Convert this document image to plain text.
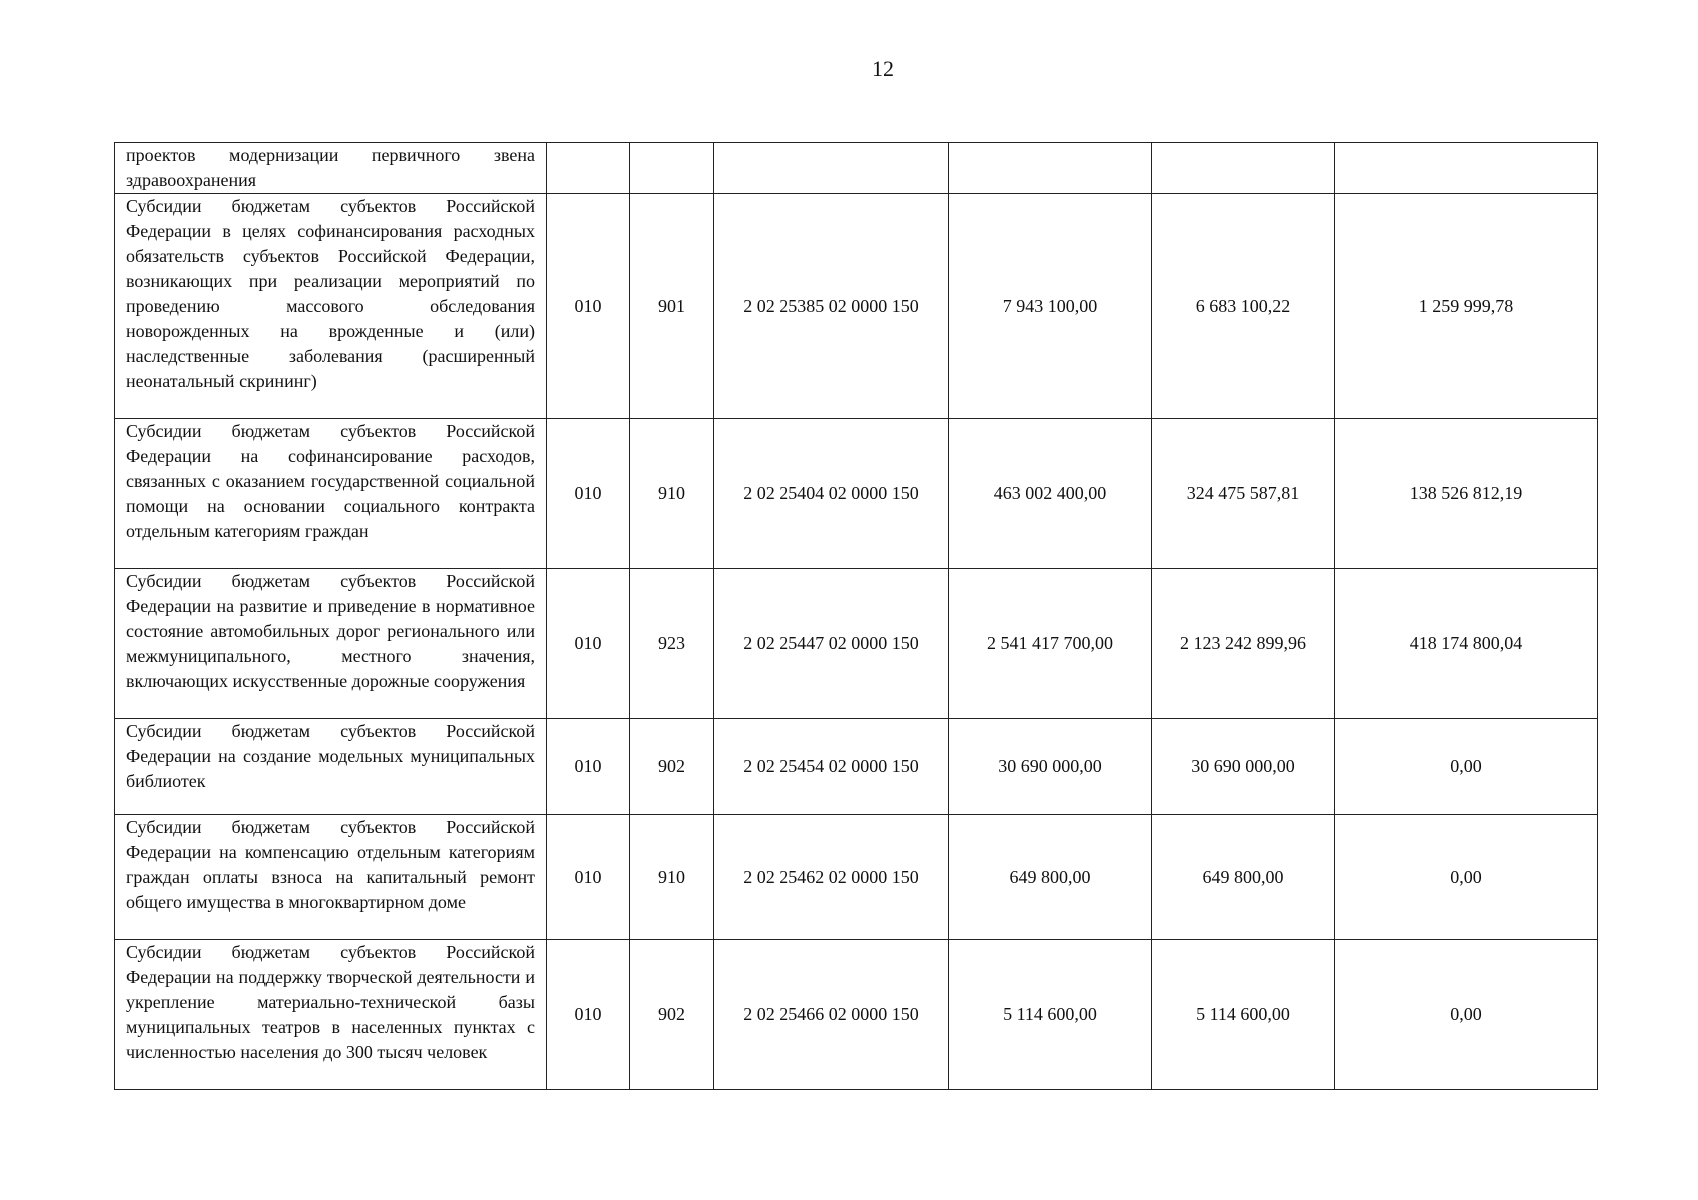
12
проектов модернизации первичного звена здравоохранения						

Субсидии бюджетам субъектов Российской Федерации в целях софинансирования расходных обязательств субъектов Российской Федерации, возникающих при реализации мероприятий по проведению массового обследования новорожденных на врожденные и (или) наследственные заболевания (расширенный неонатальный скрининг)	010	901	2 02 25385 02 0000 150	7 943 100,00	6 683 100,22	1 259 999,78

Субсидии бюджетам субъектов Российской Федерации на софинансирование расходов, связанных с оказанием государственной социальной помощи на основании социального контракта отдельным категориям граждан	010	910	2 02 25404 02 0000 150	463 002 400,00	324 475 587,81	138 526 812,19

Субсидии бюджетам субъектов Российской Федерации на развитие и приведение в нормативное состояние автомобильных дорог регионального или межмуниципального, местного значения, включающих искусственные дорожные сооружения	010	923	2 02 25447 02 0000 150	2 541 417 700,00	2 123 242 899,96	418 174 800,04

Субсидии бюджетам субъектов Российской Федерации на создание модельных муниципальных библиотек	010	902	2 02 25454 02 0000 150	30 690 000,00	30 690 000,00	0,00

Субсидии бюджетам субъектов Российской Федерации на компенсацию отдельным категориям граждан оплаты взноса на капитальный ремонт общего имущества в многоквартирном доме	010	910	2 02 25462 02 0000 150	649 800,00	649 800,00	0,00

Субсидии бюджетам субъектов Российской Федерации на поддержку творческой деятельности и укрепление материально-технической базы муниципальных театров в населенных пунктах с численностью населения до 300 тысяч человек	010	902	2 02 25466 02 0000 150	5 114 600,00	5 114 600,00	0,00
